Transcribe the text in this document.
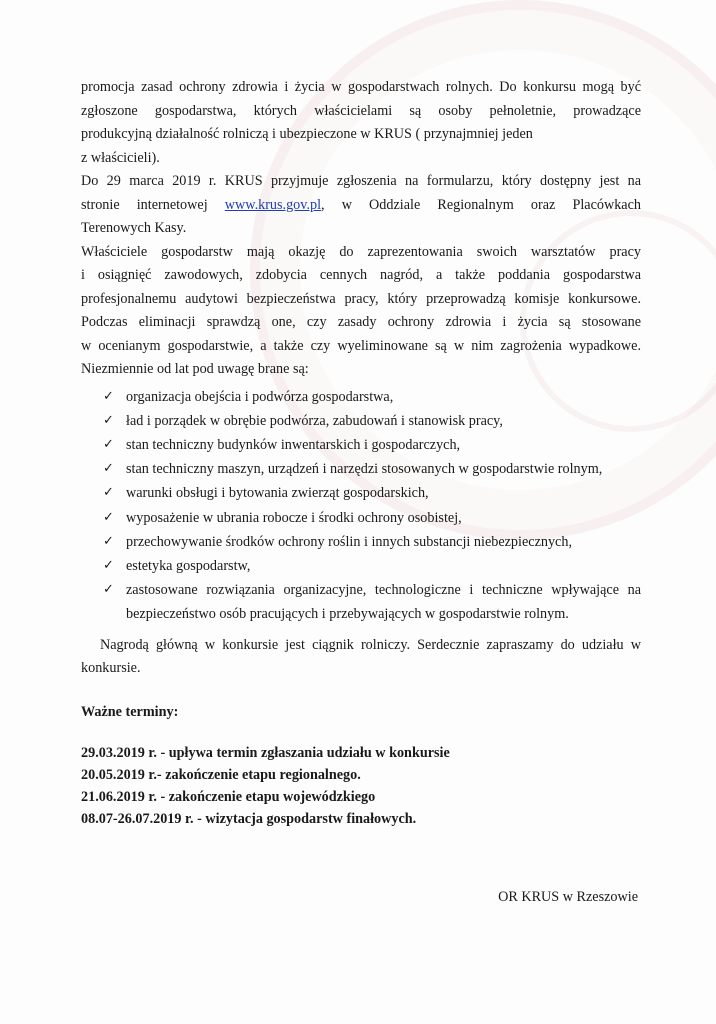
promocja zasad ochrony zdrowia i życia w gospodarstwach rolnych. Do konkursu mogą być
zgłoszone gospodarstwa, których właścicielami są osoby pełnoletnie, prowadzące
produkcyjną działalność rolniczą i ubezpieczone w KRUS ( przynajmniej jeden
z właścicieli).

Do 29 marca 2019 r. KRUS przyjmuje zgłoszenia na formularzu, który dostępny jest na
stronie internetowej www.krus.gov.pl, w Oddziale Regionalnym oraz Placówkach
Terenowych Kasy.

Właściciele gospodarstw mają okazję do zaprezentowania swoich warsztatów pracy
i osiągnięć zawodowych, zdobycia cennych nagród, a także poddania gospodarstwa
profesjonalnemu audytowi bezpieczeństwa pracy, który przeprowadzą komisje konkursowe.
Podczas eliminacji sprawdzą one, czy zasady ochrony zdrowia i życia są stosowane
w ocenianym gospodarstwie, a także czy wyeliminowane są w nim zagrożenia wypadkowe.
Niezmiennie od lat pod uwagę brane są:

✓ organizacja obejścia i podwórza gospodarstwa,
✓ ład i porządek w obrębie podwórza, zabudowań i stanowisk pracy,
✓ stan techniczny budynków inwentarskich i gospodarczych,
✓ stan techniczny maszyn, urządzeń i narzędzi stosowanych w gospodarstwie rolnym,
✓ warunki obsługi i bytowania zwierząt gospodarskich,
✓ wyposażenie w ubrania robocze i środki ochrony osobistej,
✓ przechowywanie środków ochrony roślin i innych substancji niebezpiecznych,
✓ estetyka gospodarstw,
✓ zastosowane rozwiązania organizacyjne, technologiczne i techniczne wpływające na
bezpieczeństwo osób pracujących i przebywających w gospodarstwie rolnym.

Nagrodą główną w konkursie jest ciągnik rolniczy. Serdecznie zapraszamy do udziału w
konkursie.

Ważne terminy:

29.03.2019 r. - upływa termin zgłaszania udziału w konkursie
20.05.2019 r.- zakończenie etapu regionalnego.
21.06.2019 r. - zakończenie etapu wojewódzkiego
08.07-26.07.2019 r. - wizytacja gospodarstw finałowych.
OR KRUS w Rzeszowie
